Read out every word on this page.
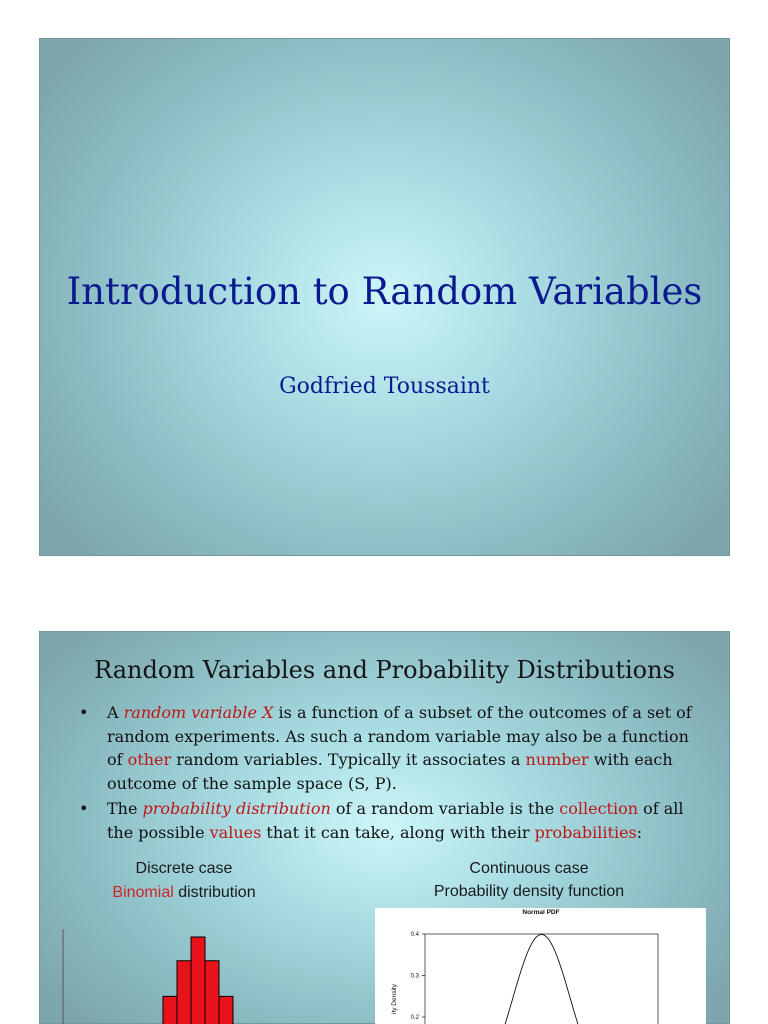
Introduction to Random Variables
Godfried Toussaint
Random Variables and Probability Distributions
• A random variable X is a function of a subset of the outcomes of a set of random experiments. As such a random variable may also be a function of other random variables. Typically it associates a number with each outcome of the sample space (S, P).
• The probability distribution of a random variable is the collection of all the possible values that it can take, along with their probabilities:
Discrete case
Binomial distribution
Continuous case
Probability density function
Normal PDF
ity Density
0.4
0.3
0.2
